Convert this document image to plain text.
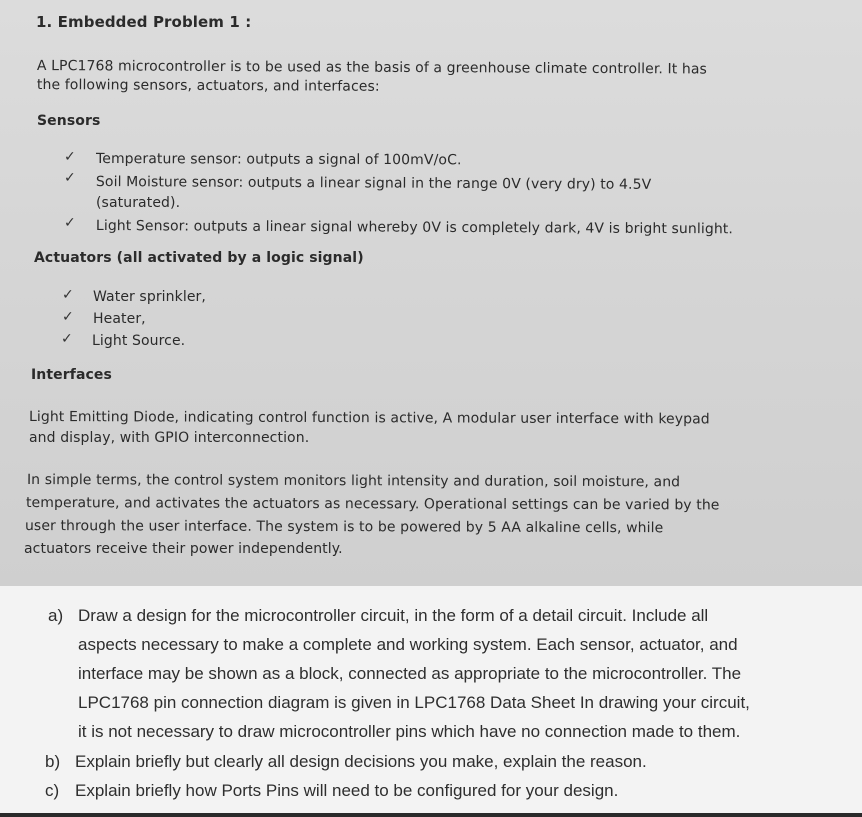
1. Embedded Problem 1 :
A LPC1768 microcontroller is to be used as the basis of a greenhouse climate controller. It has
the following sensors, actuators, and interfaces:
Sensors
✓ Temperature sensor: outputs a signal of 100mV/oC.
✓ Soil Moisture sensor: outputs a linear signal in the range 0V (very dry) to 4.5V
(saturated).
✓ Light Sensor: outputs a linear signal whereby 0V is completely dark, 4V is bright sunlight.
Actuators (all activated by a logic signal)
✓ Water sprinkler,
✓ Heater,
✓ Light Source.
Interfaces
Light Emitting Diode, indicating control function is active, A modular user interface with keypad
and display, with GPIO interconnection.
In simple terms, the control system monitors light intensity and duration, soil moisture, and
temperature, and activates the actuators as necessary. Operational settings can be varied by the
user through the user interface. The system is to be powered by 5 AA alkaline cells, while
actuators receive their power independently.
a) Draw a design for the microcontroller circuit, in the form of a detail circuit. Include all
aspects necessary to make a complete and working system. Each sensor, actuator, and
interface may be shown as a block, connected as appropriate to the microcontroller. The
LPC1768 pin connection diagram is given in LPC1768 Data Sheet In drawing your circuit,
it is not necessary to draw microcontroller pins which have no connection made to them.
b) Explain briefly but clearly all design decisions you make, explain the reason.
c) Explain briefly how Ports Pins will need to be configured for your design.
